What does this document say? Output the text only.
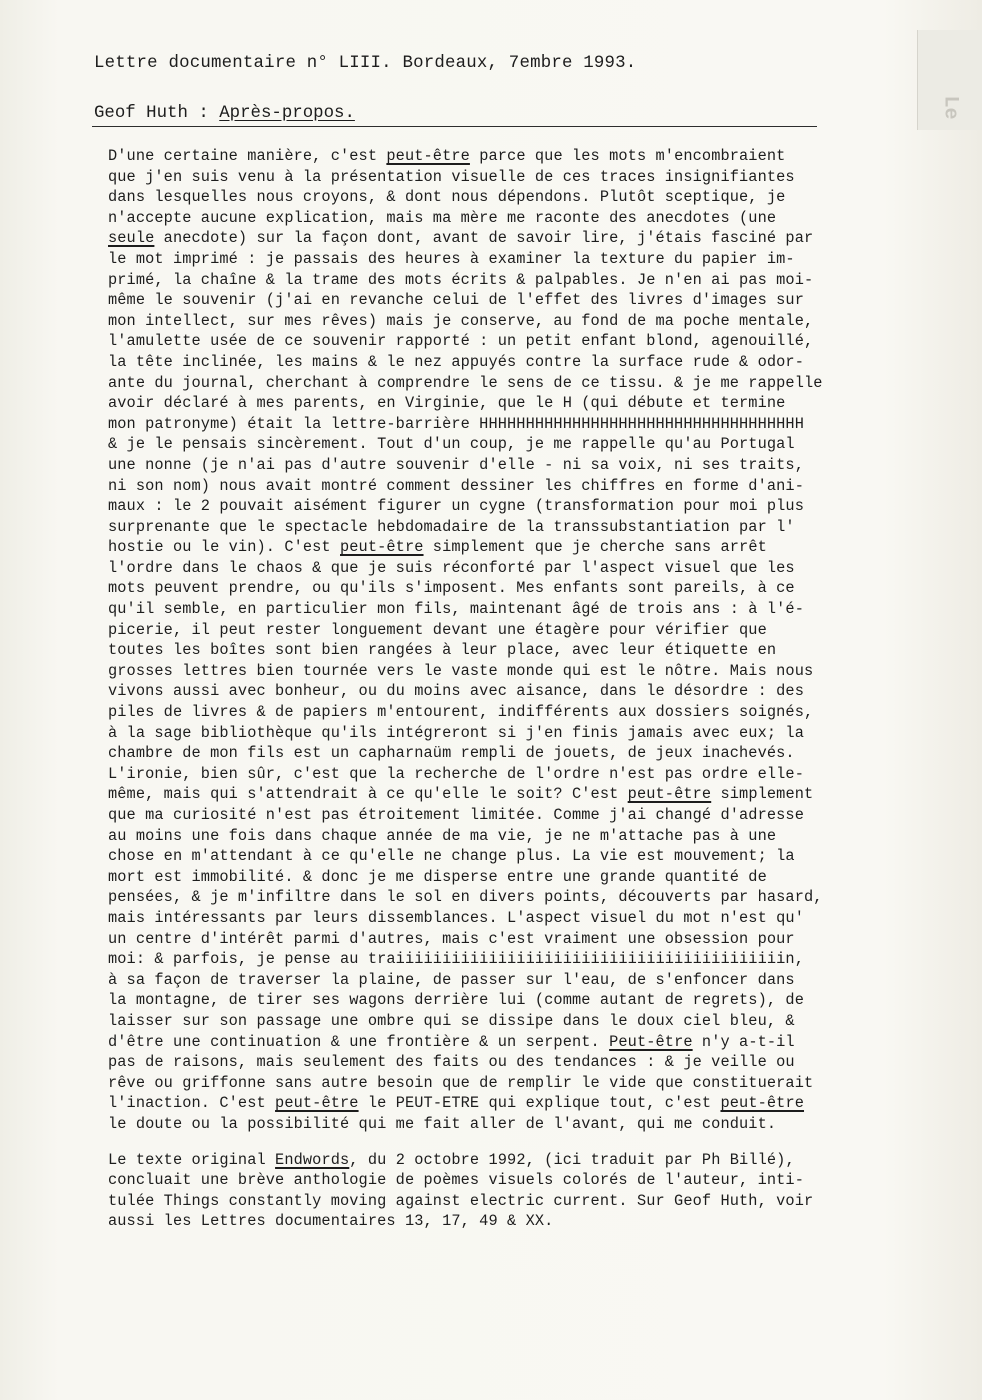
Le
Lettre documentaire n° LIII. Bordeaux, 7embre 1993.
Geof Huth : Après-propos.
D'une certaine manière, c'est peut-être parce que les mots m'encombraient
que j'en suis venu à la présentation visuelle de ces traces insignifiantes
dans lesquelles nous croyons, & dont nous dépendons. Plutôt sceptique, je
n'accepte aucune explication, mais ma mère me raconte des anecdotes (une
seule anecdote) sur la façon dont, avant de savoir lire, j'étais fasciné par
le mot imprimé : je passais des heures à examiner la texture du papier im-
primé, la chaîne & la trame des mots écrits & palpables. Je n'en ai pas moi-
même le souvenir (j'ai en revanche celui de l'effet des livres d'images sur
mon intellect, sur mes rêves) mais je conserve, au fond de ma poche mentale,
l'amulette usée de ce souvenir rapporté : un petit enfant blond, agenouillé,
la tête inclinée, les mains & le nez appuyés contre la surface rude & odor-
ante du journal, cherchant à comprendre le sens de ce tissu. & je me rappelle
avoir déclaré à mes parents, en Virginie, que le H (qui débute et termine
mon patronyme) était la lettre-barrière HHHHHHHHHHHHHHHHHHHHHHHHHHHHHHHHHHH
& je le pensais sincèrement. Tout d'un coup, je me rappelle qu'au Portugal
une nonne (je n'ai pas d'autre souvenir d'elle - ni sa voix, ni ses traits,
ni son nom) nous avait montré comment dessiner les chiffres en forme d'ani-
maux : le 2 pouvait aisément figurer un cygne (transformation pour moi plus
surprenante que le spectacle hebdomadaire de la transsubstantiation par l'
hostie ou le vin). C'est peut-être simplement que je cherche sans arrêt
l'ordre dans le chaos & que je suis réconforté par l'aspect visuel que les
mots peuvent prendre, ou qu'ils s'imposent. Mes enfants sont pareils, à ce
qu'il semble, en particulier mon fils, maintenant âgé de trois ans : à l'é-
picerie, il peut rester longuement devant une étagère pour vérifier que
toutes les boîtes sont bien rangées à leur place, avec leur étiquette en
grosses lettres bien tournée vers le vaste monde qui est le nôtre. Mais nous
vivons aussi avec bonheur, ou du moins avec aisance, dans le désordre : des
piles de livres & de papiers m'entourent, indifférents aux dossiers soignés,
à la sage bibliothèque qu'ils intégreront si j'en finis jamais avec eux; la
chambre de mon fils est un capharnaüm rempli de jouets, de jeux inachevés.
L'ironie, bien sûr, c'est que la recherche de l'ordre n'est pas ordre elle-
même, mais qui s'attendrait à ce qu'elle le soit? C'est peut-être simplement
que ma curiosité n'est pas étroitement limitée. Comme j'ai changé d'adresse
au moins une fois dans chaque année de ma vie, je ne m'attache pas à une
chose en m'attendant à ce qu'elle ne change plus. La vie est mouvement; la
mort est immobilité. & donc je me disperse entre une grande quantité de
pensées, & je m'infiltre dans le sol en divers points, découverts par hasard,
mais intéressants par leurs dissemblances. L'aspect visuel du mot n'est qu'
un centre d'intérêt parmi d'autres, mais c'est vraiment une obsession pour
moi: & parfois, je pense au traiiiiiiiiiiiiiiiiiiiiiiiiiiiiiiiiiiiiiiiiiin,
à sa façon de traverser la plaine, de passer sur l'eau, de s'enfoncer dans
la montagne, de tirer ses wagons derrière lui (comme autant de regrets), de
laisser sur son passage une ombre qui se dissipe dans le doux ciel bleu, &
d'être une continuation & une frontière & un serpent. Peut-être n'y a-t-il
pas de raisons, mais seulement des faits ou des tendances : & je veille ou
rêve ou griffonne sans autre besoin que de remplir le vide que constituerait
l'inaction. C'est peut-être le PEUT-ETRE qui explique tout, c'est peut-être
le doute ou la possibilité qui me fait aller de l'avant, qui me conduit.
Le texte original Endwords, du 2 octobre 1992, (ici traduit par Ph Billé),
concluait une brève anthologie de poèmes visuels colorés de l'auteur, inti-
tulée Things constantly moving against electric current. Sur Geof Huth, voir
aussi les Lettres documentaires 13, 17, 49 & XX.
